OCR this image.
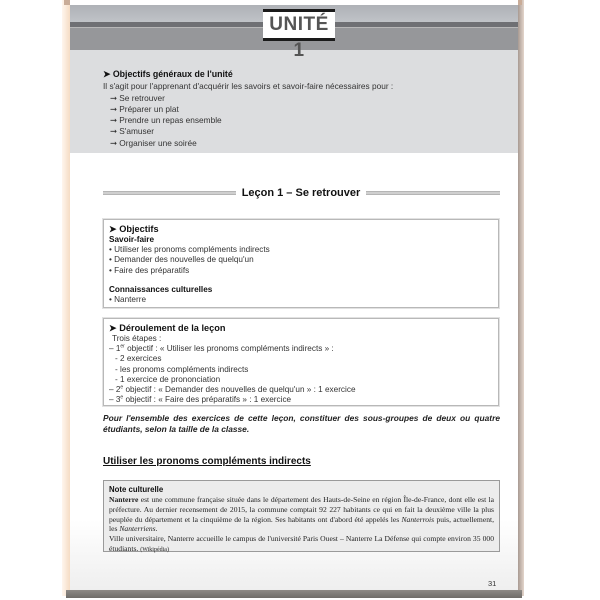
UNITÉ 1
➤ Objectifs généraux de l'unité
Il s'agit pour l'apprenant d'acquérir les savoirs et savoir-faire nécessaires pour :
➞ Se retrouver
➞ Préparer un plat
➞ Prendre un repas ensemble
➞ S'amuser
➞ Organiser une soirée
Leçon 1 – Se retrouver
➤ Objectifs
Savoir-faire
• Utiliser les pronoms compléments indirects
• Demander des nouvelles de quelqu'un
• Faire des préparatifs
Connaissances culturelles
• Nanterre
➤ Déroulement de la leçon
Trois étapes :
– 1er objectif : « Utiliser les pronoms compléments indirects » :
- 2 exercices
- les pronoms compléments indirects
- 1 exercice de prononciation
– 2e objectif : « Demander des nouvelles de quelqu'un » : 1 exercice
– 3e objectif : « Faire des préparatifs » : 1 exercice
Pour l'ensemble des exercices de cette leçon, constituer des sous-groupes de deux ou quatre étudiants, selon la taille de la classe.
Utiliser les pronoms compléments indirects
Note culturelle
Nanterre est une commune française située dans le département des Hauts-de-Seine en région Île-de-France, dont elle est la préfecture. Au dernier recensement de 2015, la commune comptait 92 227 habitants ce qui en fait la deuxième ville la plus peuplée du département et la cinquième de la région. Ses habitants ont d'abord été appelés les Nanterrois puis, actuellement, les Nanterriens.
Ville universitaire, Nanterre accueille le campus de l'université Paris Ouest – Nanterre La Défense qui compte environ 35 000 étudiants. (Wikipédia)
31
